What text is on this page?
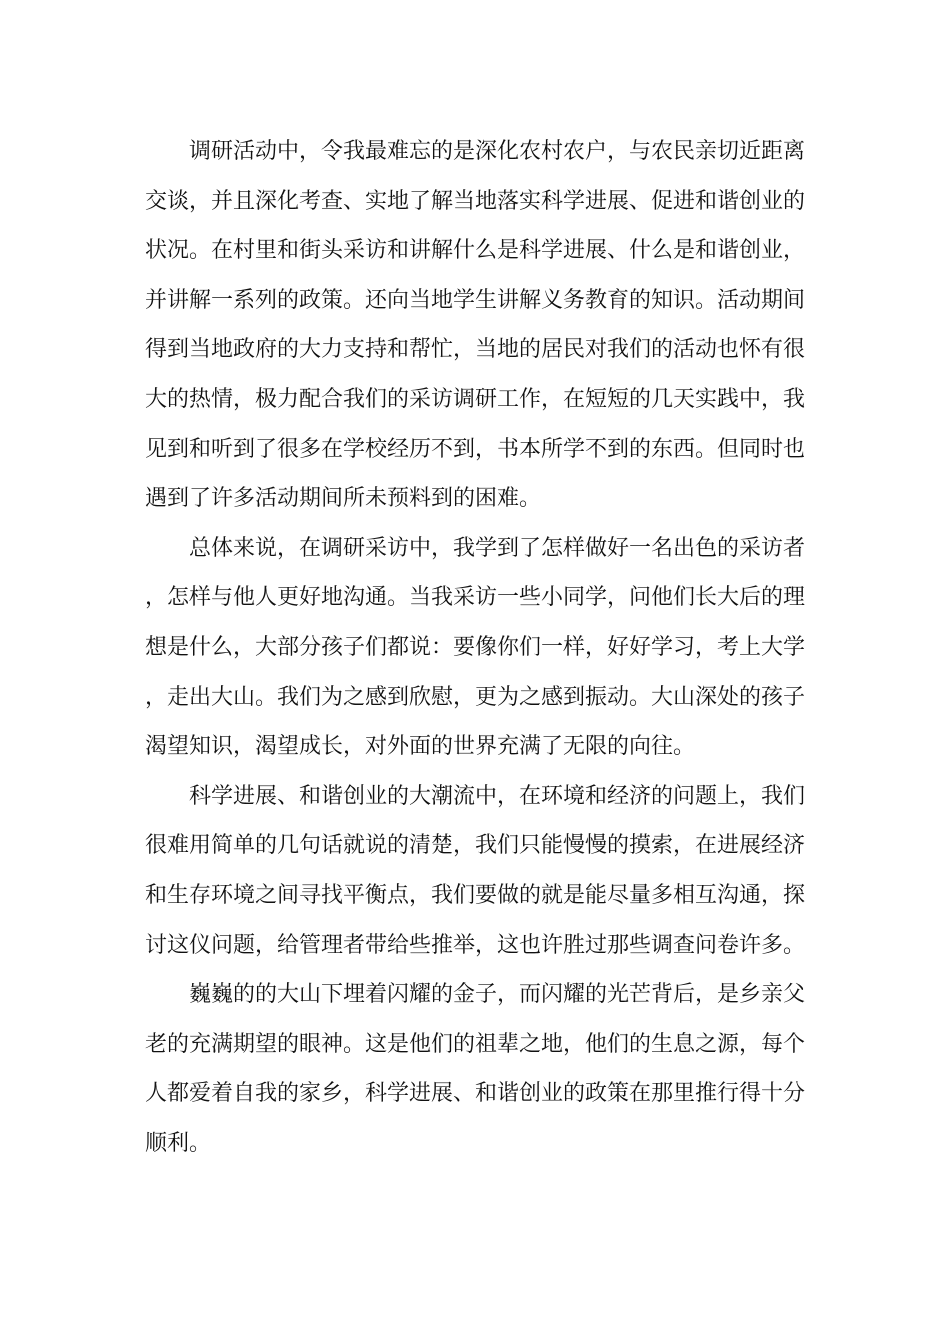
调研活动中，令我最难忘的是深化农村农户，与农民亲切近距离交谈，并且深化考查、实地了解当地落实科学进展、促进和谐创业的状况。在村里和街头采访和讲解什么是科学进展、什么是和谐创业，并讲解一系列的政策。还向当地学生讲解义务教育的知识。活动期间得到当地政府的大力支持和帮忙，当地的居民对我们的活动也怀有很大的热情，极力配合我们的采访调研工作，在短短的几天实践中，我见到和听到了很多在学校经历不到，书本所学不到的东西。但同时也遇到了许多活动期间所未预料到的困难。

总体来说，在调研采访中，我学到了怎样做好一名出色的采访者，怎样与他人更好地沟通。当我采访一些小同学，问他们长大后的理想是什么，大部分孩子们都说：要像你们一样，好好学习，考上大学，走出大山。我们为之感到欣慰，更为之感到振动。大山深处的孩子渴望知识，渴望成长，对外面的世界充满了无限的向往。

科学进展、和谐创业的大潮流中，在环境和经济的问题上，我们很难用简单的几句话就说的清楚，我们只能慢慢的摸索，在进展经济和生存环境之间寻找平衡点，我们要做的就是能尽量多相互沟通，探讨这仪问题，给管理者带给些推举，这也许胜过那些调查问卷许多。

巍巍的的大山下埋着闪耀的金子，而闪耀的光芒背后，是乡亲父老的充满期望的眼神。这是他们的祖辈之地，他们的生息之源，每个人都爱着自我的家乡，科学进展、和谐创业的政策在那里推行得十分顺利。
